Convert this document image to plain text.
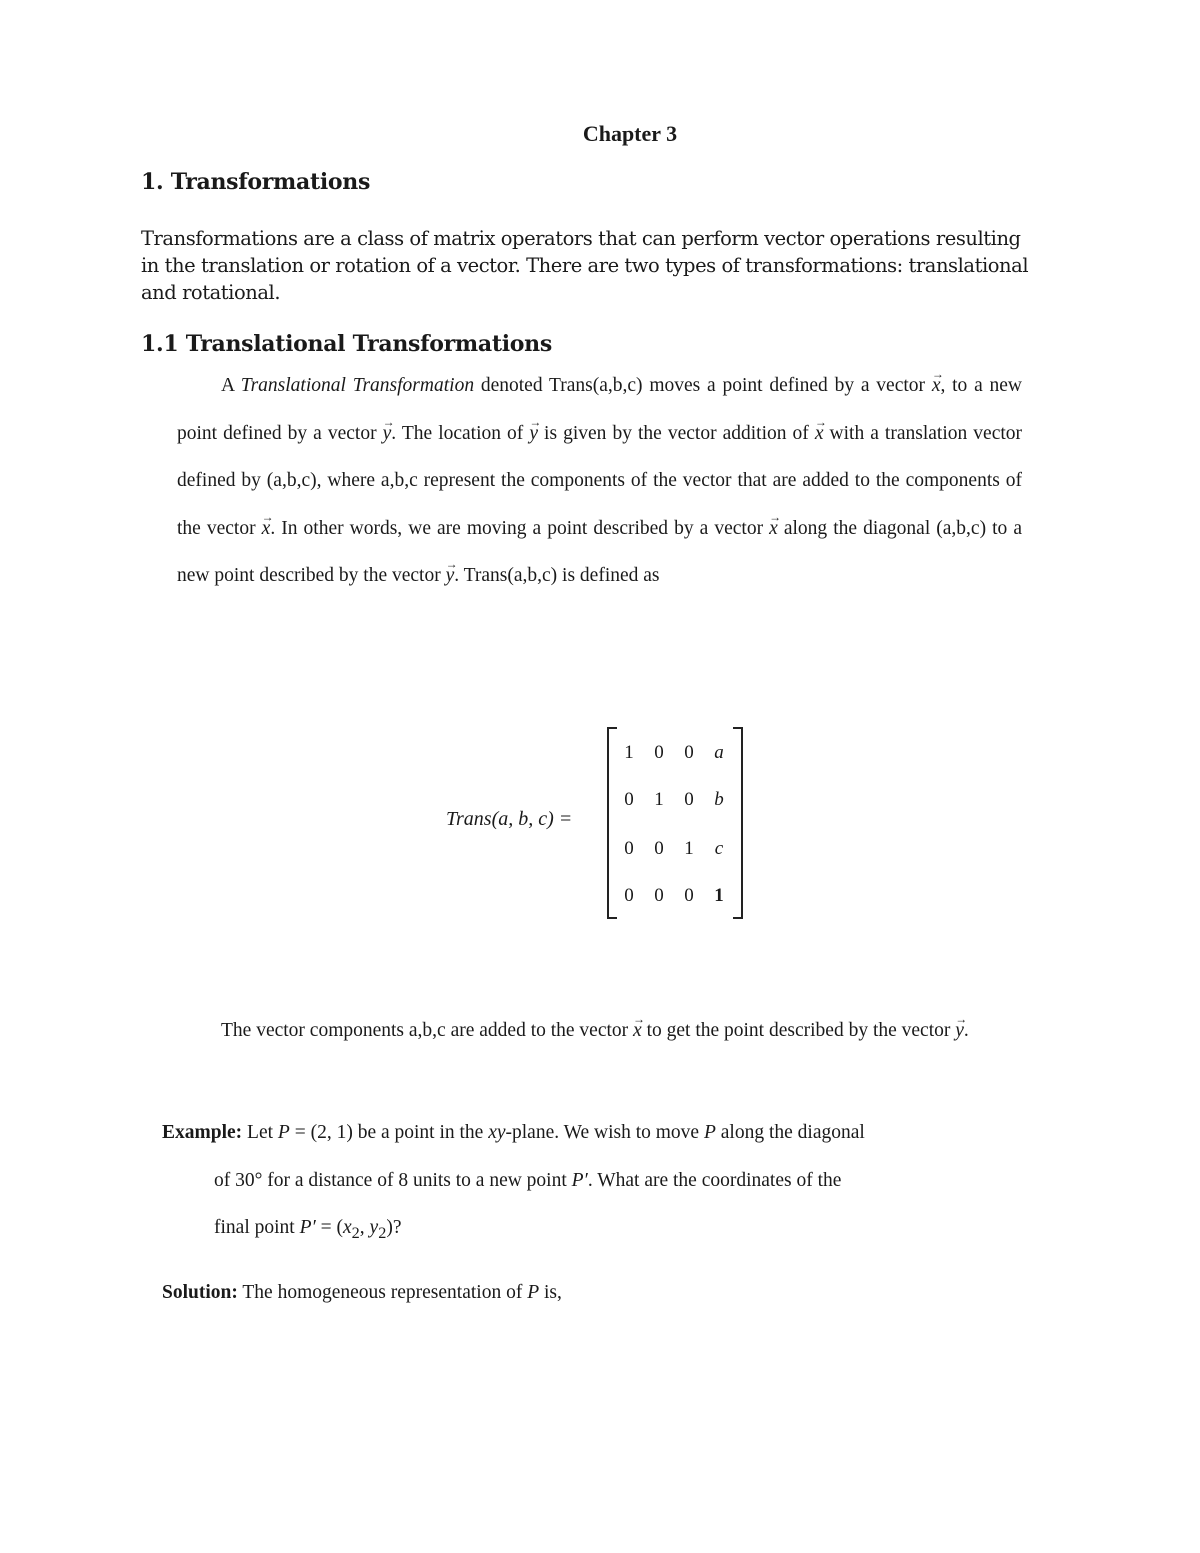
Chapter 3
1. Transformations
Transformations are a class of matrix operators that can perform vector operations resulting in the translation or rotation of a vector. There are two types of transformations: translational and rotational.
1.1 Translational Transformations
A Translational Transformation denoted Trans(a,b,c) moves a point defined by a vector → x, to a new point defined by a vector → y. The location of → y is given by the vector addition of → x with a translation vector defined by (a,b,c), where a,b,c represent the components of the vector that are added to the components of the vector → x. In other words, we are moving a point described by a vector → x along the diagonal (a,b,c) to a new point described by the vector → y. Trans(a,b,c) is defined as
Trans(a, b, c) =
1	0	0	a
0	1	0	b
0	0	1	c
0	0	0	1
The vector components a,b,c are added to the vector → x to get the point described by the vector → y.
Example: Let P = (2, 1) be a point in the xy-plane. We wish to move P along the diagonal
of 30° for a distance of 8 units to a new point P′. What are the coordinates of the
final point $P' = (x_2$, $y_2$)?
Solution: The homogeneous representation of P is,
